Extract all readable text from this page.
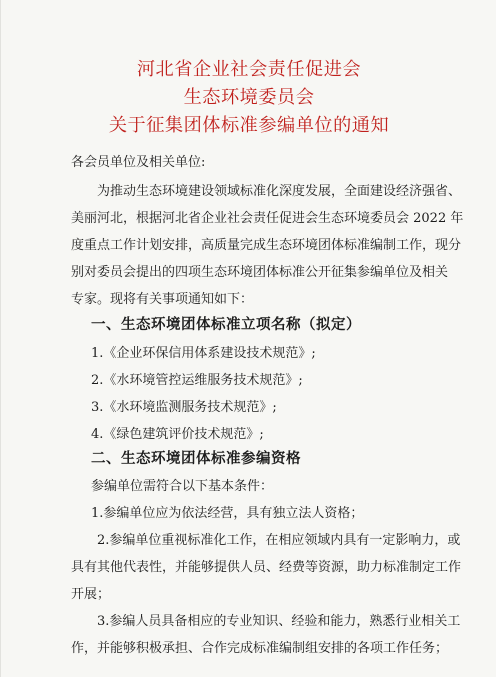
河北省企业社会责任促进会
生态环境委员会
关于征集团体标准参编单位的通知
各会员单位及相关单位:
为推动生态环境建设领域标准化深度发展，全面建设经济强省、
美丽河北，根据河北省企业社会责任促进会生态环境委员会 2022 年
度重点工作计划安排，高质量完成生态环境团体标准编制工作，现分
别对委员会提出的四项生态环境团体标准公开征集参编单位及相关
专家。现将有关事项通知如下：
一、生态环境团体标准立项名称（拟定）
1.《企业环保信用体系建设技术规范》;
2.《水环境管控运维服务技术规范》;
3.《水环境监测服务技术规范》;
4.《绿色建筑评价技术规范》;
二、生态环境团体标准参编资格
参编单位需符合以下基本条件：
1.参编单位应为依法经营，具有独立法人资格；
2.参编单位重视标准化工作，在相应领域内具有一定影响力，或
具有其他代表性，并能够提供人员、经费等资源，助力标准制定工作
开展；
3.参编人员具备相应的专业知识、经验和能力，熟悉行业相关工
作，并能够积极承担、合作完成标准编制组安排的各项工作任务；
